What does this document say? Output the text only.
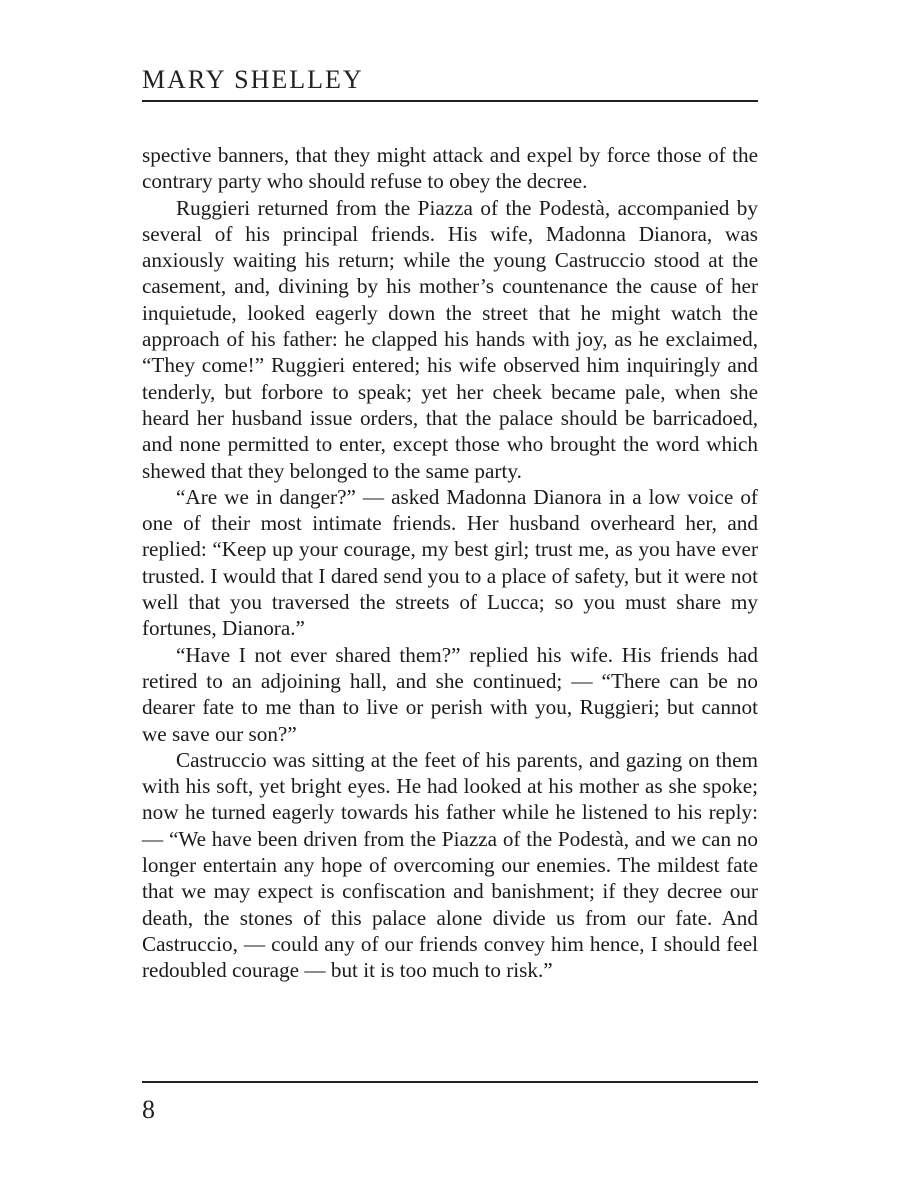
MARY SHELLEY

spective banners, that they might attack and expel by force those of the contrary party who should refuse to obey the decree.

Ruggieri returned from the Piazza of the Podestà, accompanied by several of his principal friends. His wife, Madonna Dianora, was anxiously waiting his return; while the young Castruccio stood at the casement, and, divining by his mother’s countenance the cause of her inquietude, looked eagerly down the street that he might watch the approach of his father: he clapped his hands with joy, as he exclaimed, “They come!” Ruggieri entered; his wife observed him inquiringly and tenderly, but forbore to speak; yet her cheek became pale, when she heard her husband issue orders, that the palace should be barricadoed, and none permitted to enter, except those who brought the word which shewed that they belonged to the same party.

“Are we in danger?” — asked Madonna Dianora in a low voice of one of their most intimate friends. Her husband overheard her, and replied: “Keep up your courage, my best girl; trust me, as you have ever trusted. I would that I dared send you to a place of safety, but it were not well that you traversed the streets of Lucca; so you must share my fortunes, Dianora.”

“Have I not ever shared them?” replied his wife. His friends had retired to an adjoining hall, and she continued; — “There can be no dearer fate to me than to live or perish with you, Ruggieri; but cannot we save our son?”

Castruccio was sitting at the feet of his parents, and gazing on them with his soft, yet bright eyes. He had looked at his mother as she spoke; now he turned eagerly towards his father while he listened to his reply: — “We have been driven from the Piazza of the Podestà, and we can no longer entertain any hope of overcoming our enemies. The mildest fate that we may expect is confiscation and banishment; if they decree our death, the stones of this palace alone divide us from our fate. And Castruccio, — could any of our friends convey him hence, I should feel redoubled courage — but it is too much to risk.”

8
